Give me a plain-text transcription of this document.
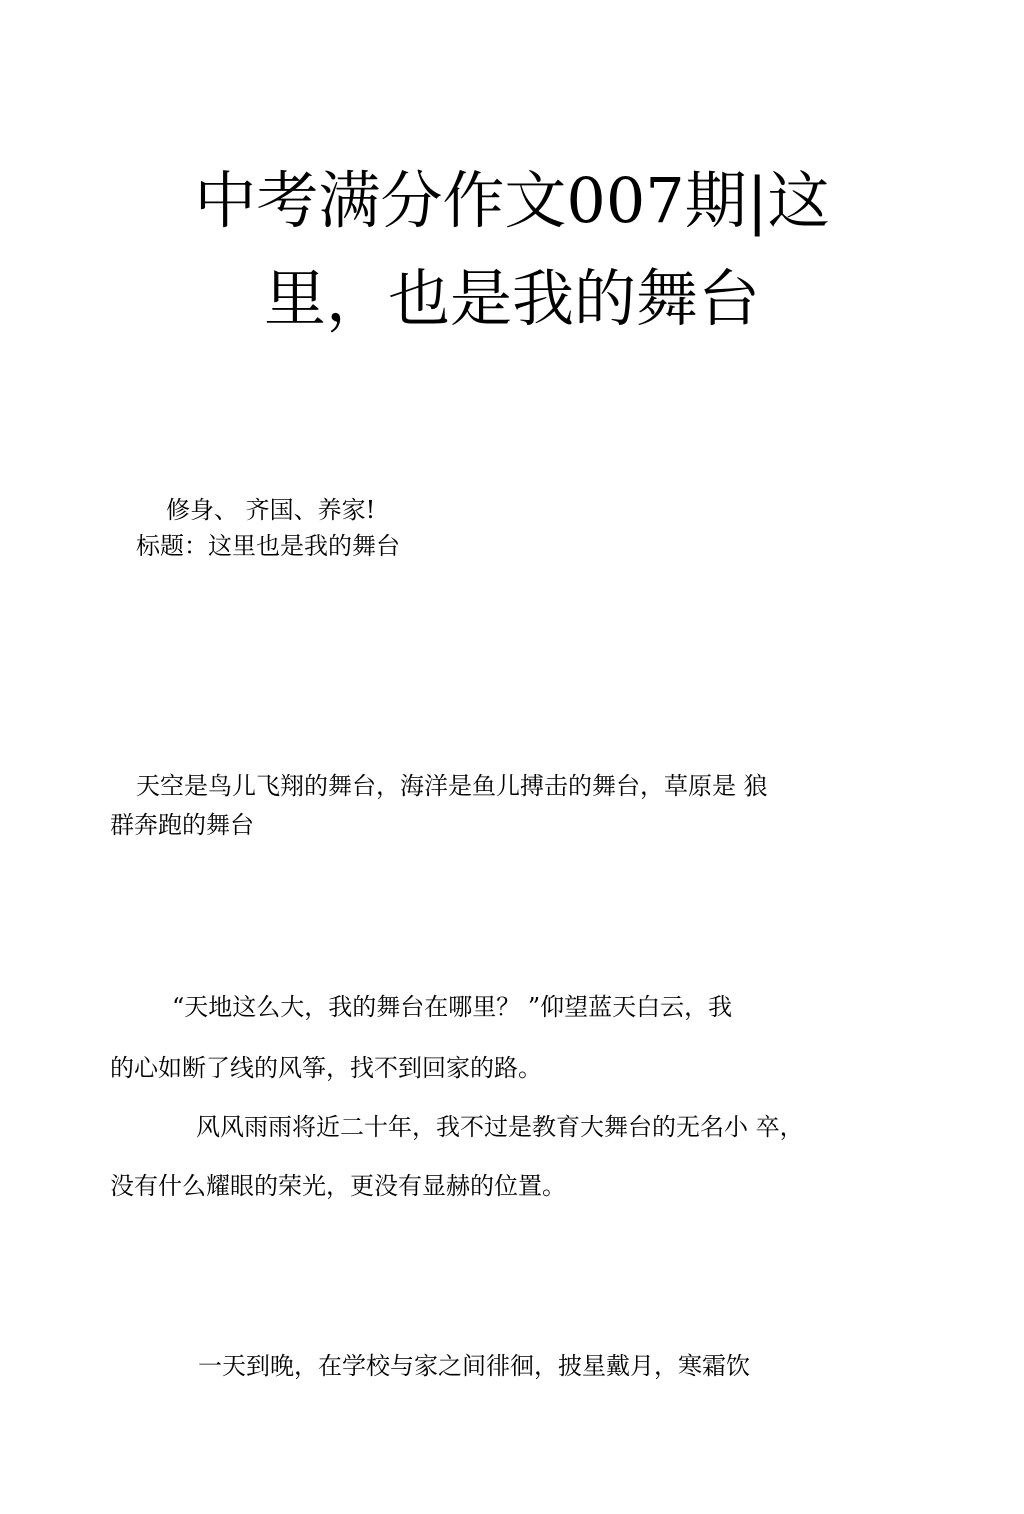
中考满分作文007期|这
里，也是我的舞台
修身、 齐国、养家!
标题：这里也是我的舞台
天空是鸟儿飞翔的舞台，海洋是鱼儿搏击的舞台，草原是 狼
群奔跑的舞台
“天地这么大，我的舞台在哪里？ ”仰望蓝天白云，我
的心如断了线的风筝，找不到回家的路。
风风雨雨将近二十年，我不过是教育大舞台的无名小 卒，
没有什么耀眼的荣光，更没有显赫的位置。
一天到晚，在学校与家之间徘徊，披星戴月，寒霜饮
